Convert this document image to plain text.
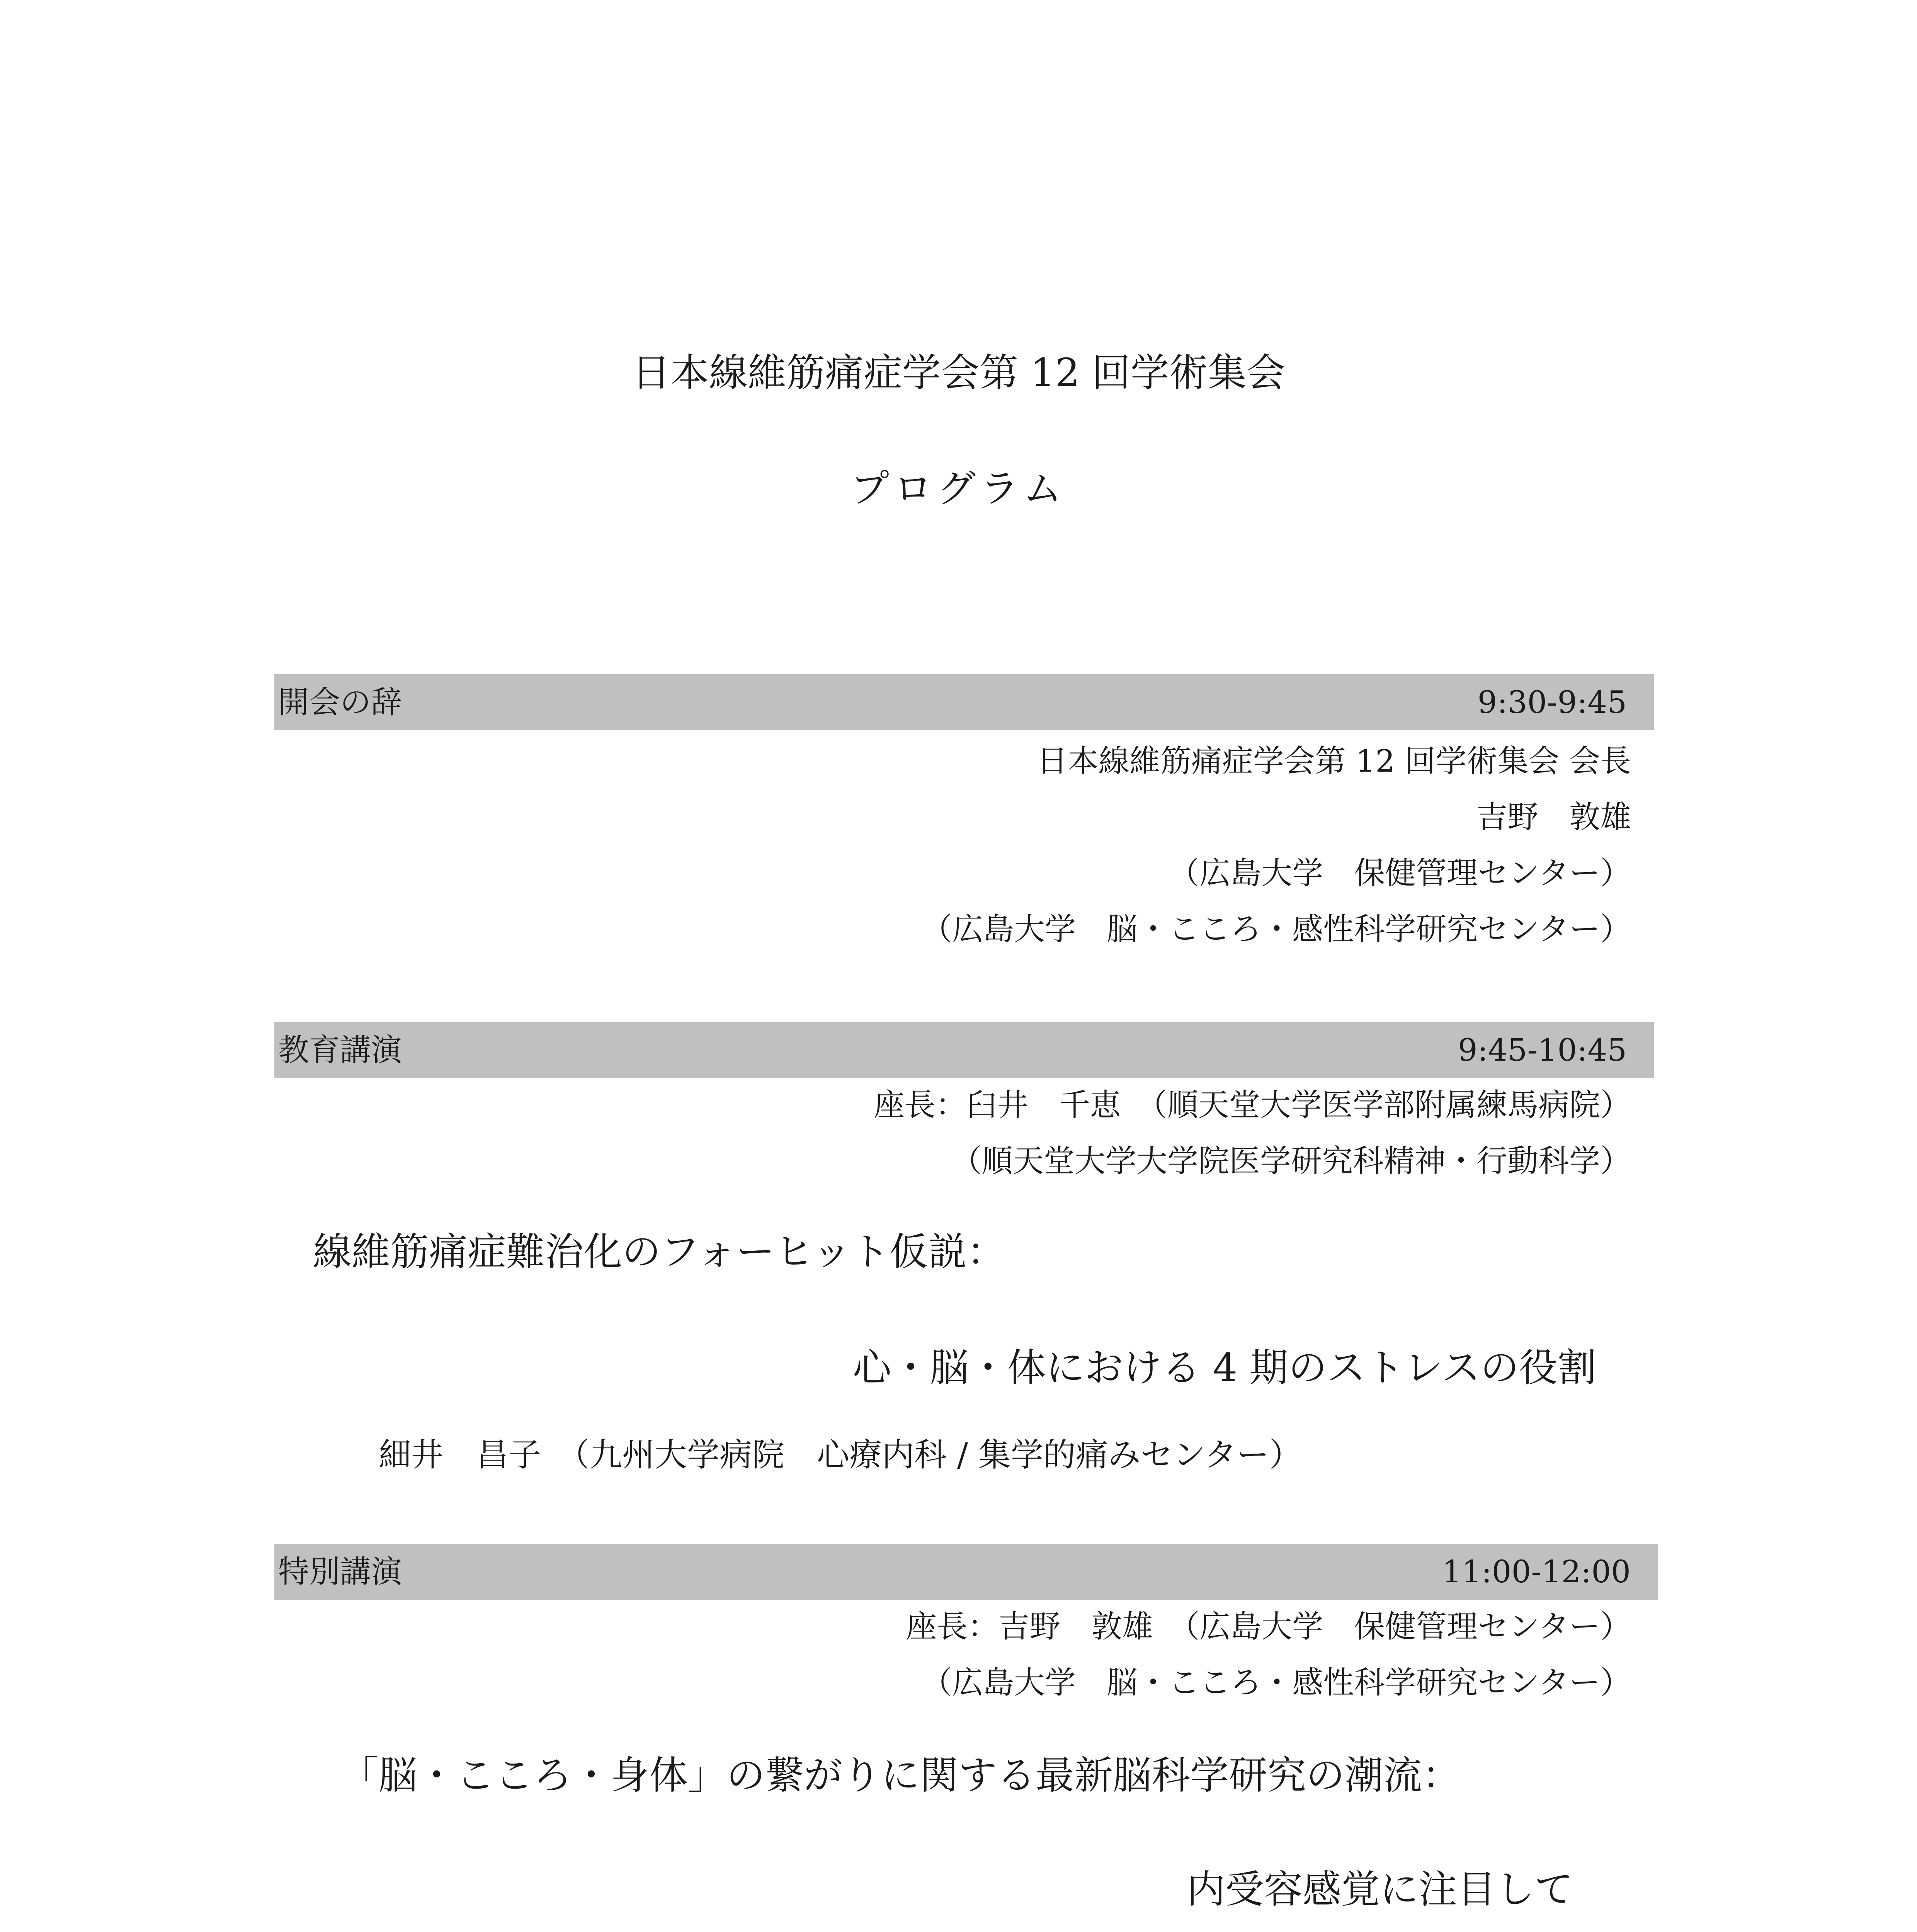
日本線維筋痛症学会第 12 回学術集会
プログラム
開会の辞	9:30-9:45
日本線維筋痛症学会第 12 回学術集会 会長
吉野　敦雄
（広島大学　保健管理センター）
（広島大学　脳・こころ・感性科学研究センター）
教育講演	9:45-10:45
座長：臼井　千恵　（順天堂大学医学部附属練馬病院）
（順天堂大学大学院医学研究科精神・行動科学）
線維筋痛症難治化のフォーヒット仮説：
心・脳・体における 4 期のストレスの役割
細井　昌子　（九州大学病院　心療内科 / 集学的痛みセンター）
特別講演	11:00-12:00
座長：吉野　敦雄　（広島大学　保健管理センター）
（広島大学　脳・こころ・感性科学研究センター）
「脳・こころ・身体」の繋がりに関する最新脳科学研究の潮流：
内受容感覚に注目して
